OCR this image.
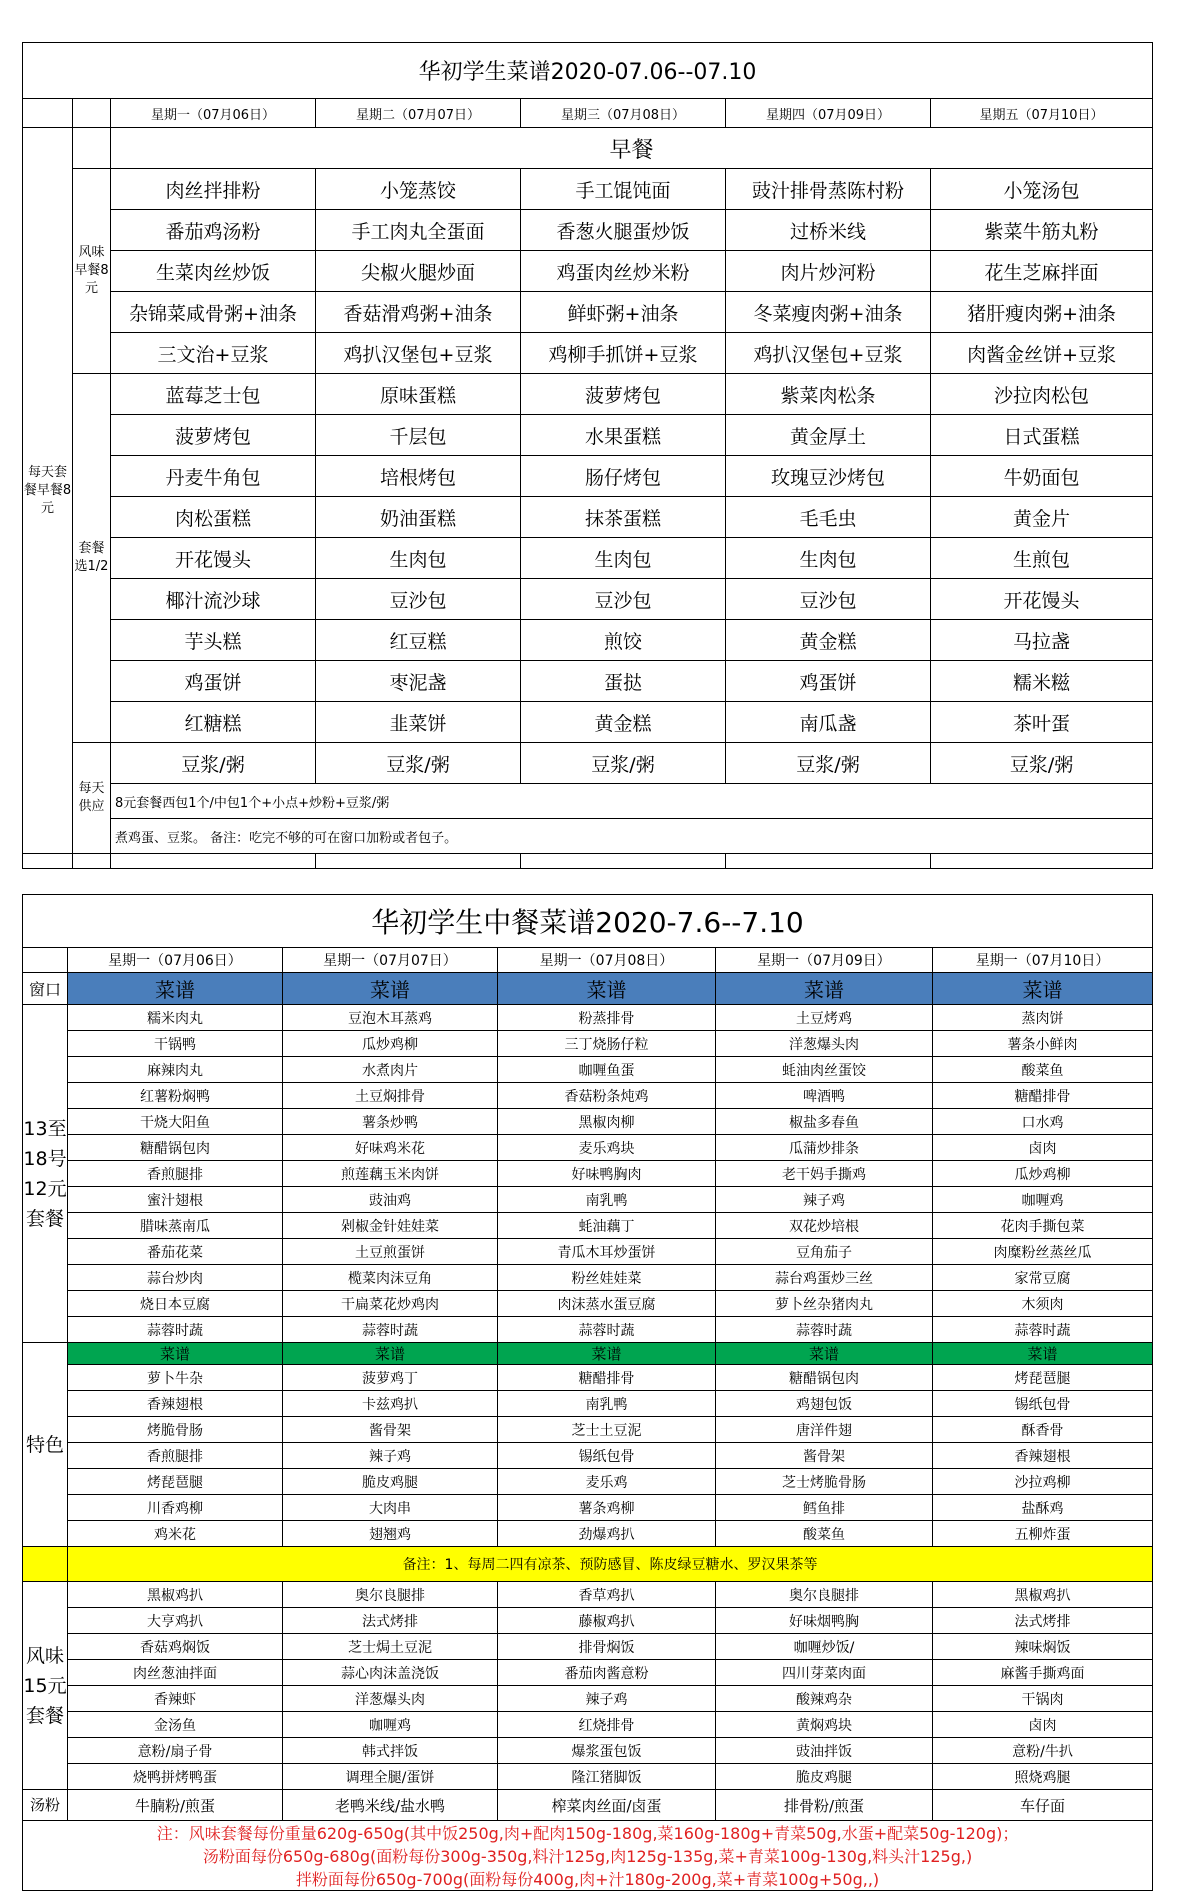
华初学生菜谱2020-07.06--07.10						
		星期一（07月06日）	星期二（07月07日）	星期三（07月08日）	星期四（07月09日）	星期五（07月10日）
每天套餐早餐8元		早餐				
	风味早餐8元	肉丝拌排粉	小笼蒸饺	手工馄饨面	豉汁排骨蒸陈村粉	小笼汤包
		番茄鸡汤粉	手工肉丸全蛋面	香葱火腿蛋炒饭	过桥米线	紫菜牛筋丸粉
		生菜肉丝炒饭	尖椒火腿炒面	鸡蛋肉丝炒米粉	肉片炒河粉	花生芝麻拌面
		杂锦菜咸骨粥+油条	香菇滑鸡粥+油条	鲜虾粥+油条	冬菜瘦肉粥+油条	猪肝瘦肉粥+油条
		三文治+豆浆	鸡扒汉堡包+豆浆	鸡柳手抓饼+豆浆	鸡扒汉堡包+豆浆	肉酱金丝饼+豆浆
	套餐选1/2	蓝莓芝士包	原味蛋糕	菠萝烤包	紫菜肉松条	沙拉肉松包
		菠萝烤包	千层包	水果蛋糕	黄金厚土	日式蛋糕
		丹麦牛角包	培根烤包	肠仔烤包	玫瑰豆沙烤包	牛奶面包
		肉松蛋糕	奶油蛋糕	抹茶蛋糕	毛毛虫	黄金片
		开花馒头	生肉包	生肉包	生肉包	生煎包
		椰汁流沙球	豆沙包	豆沙包	豆沙包	开花馒头
		芋头糕	红豆糕	煎饺	黄金糕	马拉盏
		鸡蛋饼	枣泥盏	蛋挞	鸡蛋饼	糯米糍
		红糖糕	韭菜饼	黄金糕	南瓜盏	茶叶蛋
	每天供应	豆浆/粥	豆浆/粥	豆浆/粥	豆浆/粥	豆浆/粥
		8元套餐西包1个/中包1个+小点+炒粉+豆浆/粥				
		煮鸡蛋、豆浆。 备注：吃完不够的可在窗口加粉或者包子。				

华初学生中餐菜谱2020-7.6--7.10					
	星期一（07月06日）	星期一（07月07日）	星期一（07月08日）	星期一（07月09日）	星期一（07月10日）
窗口	菜谱	菜谱	菜谱	菜谱	菜谱
13至18号12元套餐	糯米肉丸	豆泡木耳蒸鸡	粉蒸排骨	土豆烤鸡	蒸肉饼
	干锅鸭	瓜炒鸡柳	三丁烧肠仔粒	洋葱爆头肉	薯条小鲜肉
	麻辣肉丸	水煮肉片	咖喱鱼蛋	蚝油肉丝蛋饺	酸菜鱼
	红薯粉焖鸭	土豆焖排骨	香菇粉条炖鸡	啤酒鸭	糖醋排骨
	干烧大阳鱼	薯条炒鸭	黑椒肉柳	椒盐多春鱼	口水鸡
	糖醋锅包肉	好味鸡米花	麦乐鸡块	瓜蒲炒排条	卤肉
	香煎腿排	煎莲藕玉米肉饼	好味鸭胸肉	老干妈手撕鸡	瓜炒鸡柳
	蜜汁翅根	豉油鸡	南乳鸭	辣子鸡	咖喱鸡
	腊味蒸南瓜	剁椒金针娃娃菜	蚝油藕丁	双花炒培根	花肉手撕包菜
	番茄花菜	土豆煎蛋饼	青瓜木耳炒蛋饼	豆角茄子	肉糜粉丝蒸丝瓜
	蒜台炒肉	榄菜肉沫豆角	粉丝娃娃菜	蒜台鸡蛋炒三丝	家常豆腐
	烧日本豆腐	干扁菜花炒鸡肉	肉沫蒸水蛋豆腐	萝卜丝杂猪肉丸	木须肉
	蒜蓉时蔬	蒜蓉时蔬	蒜蓉时蔬	蒜蓉时蔬	蒜蓉时蔬
特色	菜谱	菜谱	菜谱	菜谱	菜谱
	萝卜牛杂	菠萝鸡丁	糖醋排骨	糖醋锅包肉	烤琵琶腿
	香辣翅根	卡兹鸡扒	南乳鸭	鸡翅包饭	锡纸包骨
	烤脆骨肠	酱骨架	芝士土豆泥	唐洋件翅	酥香骨
	香煎腿排	辣子鸡	锡纸包骨	酱骨架	香辣翅根
	烤琵琶腿	脆皮鸡腿	麦乐鸡	芝士烤脆骨肠	沙拉鸡柳
	川香鸡柳	大肉串	薯条鸡柳	鳕鱼排	盐酥鸡
	鸡米花	翅翘鸡	劲爆鸡扒	酸菜鱼	五柳炸蛋
	备注：1、每周二四有凉茶、预防感冒、陈皮绿豆糖水、罗汉果茶等				
风味15元套餐	黑椒鸡扒	奥尔良腿排	香草鸡扒	奥尔良腿排	黑椒鸡扒
	大亨鸡扒	法式烤排	藤椒鸡扒	好味烟鸭胸	法式烤排
	香菇鸡焖饭	芝士焗土豆泥	排骨焖饭	咖喱炒饭/	辣味焖饭
	肉丝葱油拌面	蒜心肉沫盖浇饭	番茄肉酱意粉	四川芽菜肉面	麻酱手撕鸡面
	香辣虾	洋葱爆头肉	辣子鸡	酸辣鸡杂	干锅肉
	金汤鱼	咖喱鸡	红烧排骨	黄焖鸡块	卤肉
	意粉/扇子骨	韩式拌饭	爆浆蛋包饭	豉油拌饭	意粉/牛扒
	烧鸭拼烤鸭蛋	调理全腿/蛋饼	隆江猪脚饭	脆皮鸡腿	照烧鸡腿
汤粉	牛腩粉/煎蛋	老鸭米线/盐水鸭	榨菜肉丝面/卤蛋	排骨粉/煎蛋	车仔面
注：风味套餐每份重量620g-650g(其中饭250g,肉+配肉150g-180g,菜160g-180g+青菜50g,水蛋+配菜50g-120g)；					
汤粉面每份650g-680g(面粉每份300g-350g,料汁125g,肉125g-135g,菜+青菜100g-130g,料头汁125g,)					
拌粉面每份650g-700g(面粉每份400g,肉+汁180g-200g,菜+青菜100g+50g,,)					
